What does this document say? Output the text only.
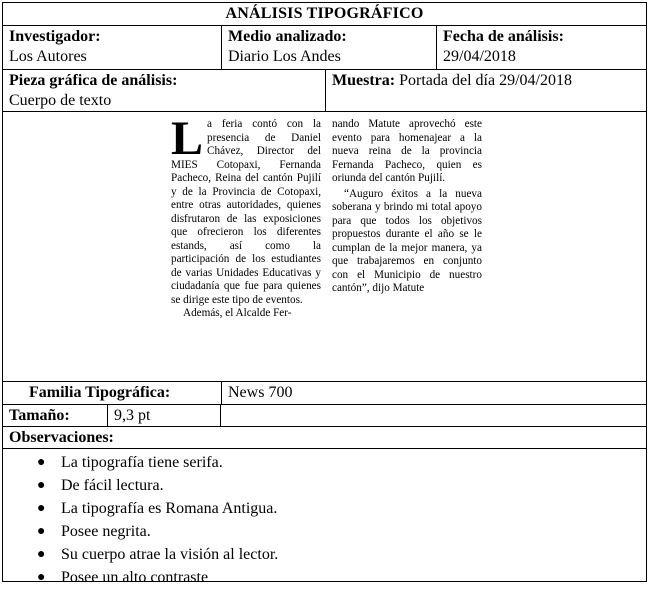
ANÁLISIS TIPOGRÁFICO
Investigador:
Los Autores
Medio analizado:
Diario Los Andes
Fecha de análisis:
29/04/2018
Pieza gráfica de análisis:
Cuerpo de texto
Muestra: Portada del día 29/04/2018

La feria contó con la presencia de Daniel Chávez, Director del MIES Cotopaxi, Fernanda Pacheco, Reina del cantón Pujilí y de la Provincia de Cotopaxi, entre otras autoridades, quienes disfrutaron de las exposiciones que ofrecieron los diferentes estands, así como la participación de los estudiantes de varias Unidades Educativas y ciudadanía que fue para quienes se dirige este tipo de eventos.

Además, el Alcalde Fer-

nando Matute aprovechó este evento para homenajear a la nueva reina de la provincia Fernanda Pacheco, quien es oriunda del cantón Pujilí.

“Auguro éxitos a la nueva soberana y brindo mi total apoyo para que todos los objetivos propuestos durante el año se le cumplan de la mejor manera, ya que trabajaremos en conjunto con el Municipio de nuestro cantón”, dijo Matute

Familia Tipográfica:	News 700
Tamaño:	9,3 pt
Observaciones:
● La tipografía tiene serifa.
● De fácil lectura.
● La tipografía es Romana Antigua.
● Posee negrita.
● Su cuerpo atrae la visión al lector.
● Posee un alto contraste
